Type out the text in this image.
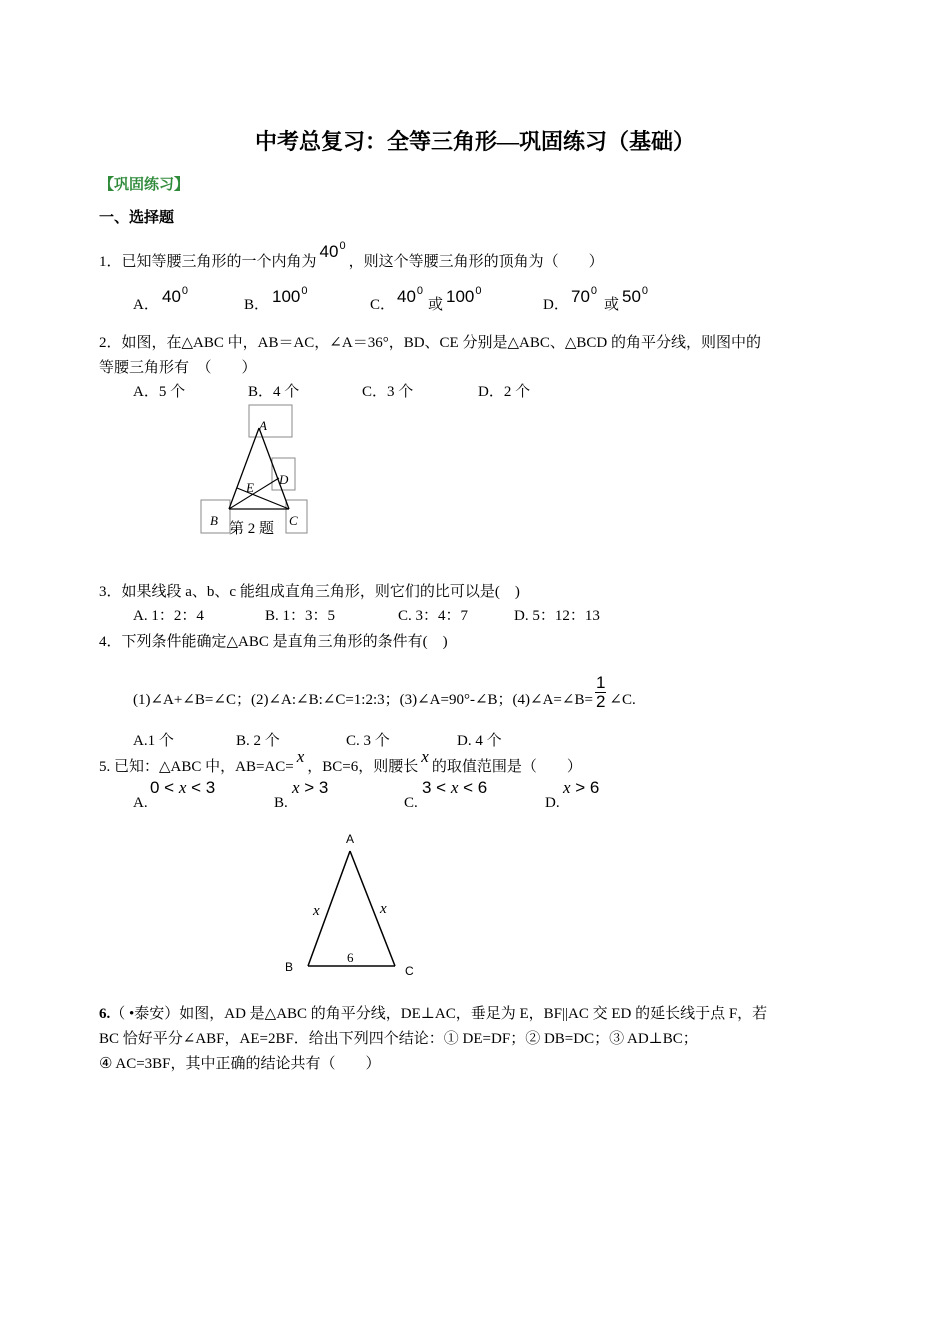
中考总复习：全等三角形—巩固练习（基础）
【巩固练习】
一、选择题
1．已知等腰三角形的一个内角为$40^0$，则这个等腰三角形的顶角为（　　）
A． $40^0$
B． $100^0$
C． $40^0$
或 $100^0$
D． $70^0$
或 $50^0$
2．如图，在△ABC 中，AB＝AC，∠A＝36°，BD、CE 分别是△ABC、△BCD 的角平分线，则图中的
等腰三角形有　（　　）
A．5 个	B．4 个	C．3 个	D．2 个
A
D
E
B	C
第 2 题
3．如果线段 a、b、c 能组成直角三角形，则它们的比可以是(　)
A. 1：2：4	B. 1：3：5	C. 3：4：7	D. 5：12：13
4．下列条件能确定△ABC 是直角三角形的条件有(　)
(1)∠A+∠B=∠C；(2)∠A:∠B:∠C=1:2:3；(3)∠A=90°-∠B；(4)∠A=∠B= $\frac{1}{2}$ ∠C.
A.1 个	B. 2 个	C. 3 个	D. 4 个
5. 已知：△ABC 中，AB=AC=x，BC=6，则腰长x的取值范围是（　　）
A.
0 < x < 3
B.
x > 3
C.
3 < x < 6
D.
x > 6
A
B	C
x	x
6
6.（ •泰安）如图，AD 是△ABC 的角平分线，DE⊥AC，垂足为 E，BF||AC 交 ED 的延长线于点 F，若
BC 恰好平分∠ABF，AE=2BF．给出下列四个结论：① DE=DF；② DB=DC；③ AD⊥BC；
④ AC=3BF，其中正确的结论共有（　　）
